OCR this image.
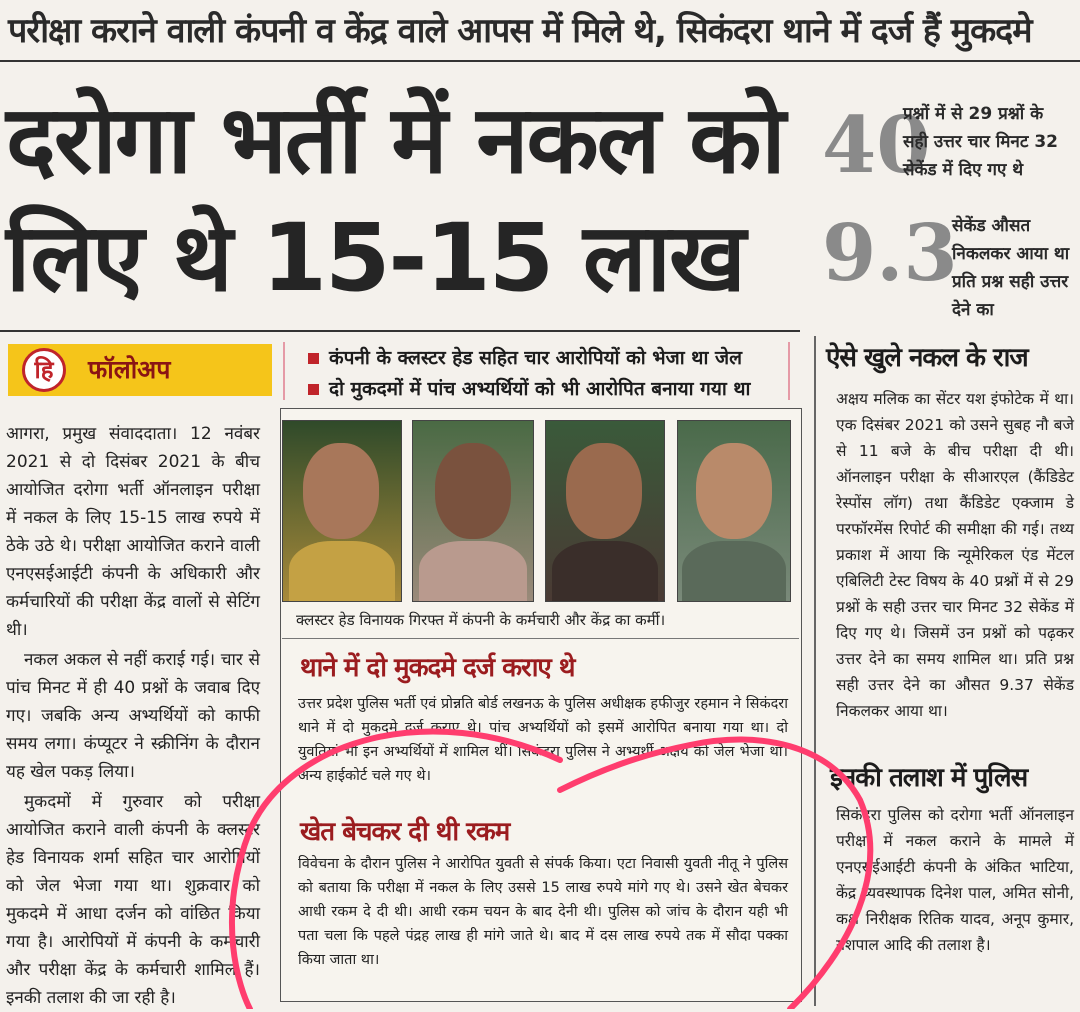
परीक्षा कराने वाली कंपनी व केंद्र वाले आपस में मिले थे, सिकंदरा थाने में दर्ज हैं मुकदमे
दरोगा भर्ती में नकल को
लिए थे 15-15 लाख
40
प्रश्नों में से 29 प्रश्नों के सही उत्तर चार मिनट 32 सेकेंड में दिए गए थे
9.3
सेकेंड औसत निकलकर आया था प्रति प्रश्न सही उत्तर देने का
हि	फॉलोअप

आगरा, प्रमुख संवाददाता। 12 नवंबर 2021 से दो दिसंबर 2021 के बीच आयोजित दरोगा भर्ती ऑनलाइन परीक्षा में नकल के लिए 15-15 लाख रुपये में ठेके उठे थे। परीक्षा आयोजित कराने वाली एनएसईआईटी कंपनी के अधिकारी और कर्मचारियों की परीक्षा केंद्र वालों से सेटिंग थी।

नकल अकल से नहीं कराई गई। चार से पांच मिनट में ही 40 प्रश्नों के जवाब दिए गए। जबकि अन्य अभ्यर्थियों को काफी समय लगा। कंप्यूटर ने स्क्रीनिंग के दौरान यह खेल पकड़ लिया।

मुकदमों में गुरुवार को परीक्षा आयोजित कराने वाली कंपनी के क्लस्टर हेड विनायक शर्मा सहित चार आरोपियों को जेल भेजा गया था। शुक्रवार को मुकदमे में आधा दर्जन को वांछित किया गया है। आरोपियों में कंपनी के कर्मचारी और परीक्षा केंद्र के कर्मचारी शामिल हैं। इनकी तलाश की जा रही है।

कंपनी के क्लस्टर हेड सहित चार आरोपियों को भेजा था जेल
दो मुकदमों में पांच अभ्यर्थियों को भी आरोपित बनाया गया था
क्लस्टर हेड विनायक गिरफ्त में कंपनी के कर्मचारी और केंद्र का कर्मी।
थाने में दो मुकदमे दर्ज कराए थे
उत्तर प्रदेश पुलिस भर्ती एवं प्रोन्नति बोर्ड लखनऊ के पुलिस अधीक्षक हफीजुर रहमान ने सिकंदरा थाने में दो मुकदमे दर्ज कराए थे। पांच अभ्यर्थियों को इसमें आरोपित बनाया गया था। दो युवतियां भी इन अभ्यर्थियों में शामिल थीं। सिकंदरा पुलिस ने अभ्यर्थी अक्षय को जेल भेजा था। अन्य हाईकोर्ट चले गए थे।
खेत बेचकर दी थी रकम
विवेचना के दौरान पुलिस ने आरोपित युवती से संपर्क किया। एटा निवासी युवती नीतू ने पुलिस को बताया कि परीक्षा में नकल के लिए उससे 15 लाख रुपये मांगे गए थे। उसने खेत बेचकर आधी रकम दे दी थी। आधी रकम चयन के बाद देनी थी। पुलिस को जांच के दौरान यही भी पता चला कि पहले पंद्रह लाख ही मांगे जाते थे। बाद में दस लाख रुपये तक में सौदा पक्का किया जाता था।
ऐसे खुले नकल के राज
अक्षय मलिक का सेंटर यश इंफोटेक में था। एक दिसंबर 2021 को उसने सुबह नौ बजे से 11 बजे के बीच परीक्षा दी थी। ऑनलाइन परीक्षा के सीआरएल (कैंडिडेट रेस्पोंस लॉग) तथा कैंडिडेट एक्जाम डे परफॉरमेंस रिपोर्ट की समीक्षा की गई। तथ्य प्रकाश में आया कि न्यूमेरिकल एंड मेंटल एबिलिटी टेस्ट विषय के 40 प्रश्नों में से 29 प्रश्नों के सही उत्तर चार मिनट 32 सेकेंड में दिए गए थे। जिसमें उन प्रश्नों को पढ़कर उत्तर देने का समय शामिल था। प्रति प्रश्न सही उत्तर देने का औसत 9.37 सेकेंड निकलकर आया था।
इनकी तलाश में पुलिस
सिकंदरा पुलिस को दरोगा भर्ती ऑनलाइन परीक्षा में नकल कराने के मामले में एनएसईआईटी कंपनी के अंकित भाटिया, केंद्र व्यवस्थापक दिनेश पाल, अमित सोनी, कक्ष निरीक्षक रितिक यादव, अनूप कुमार, यशपाल आदि की तलाश है।
